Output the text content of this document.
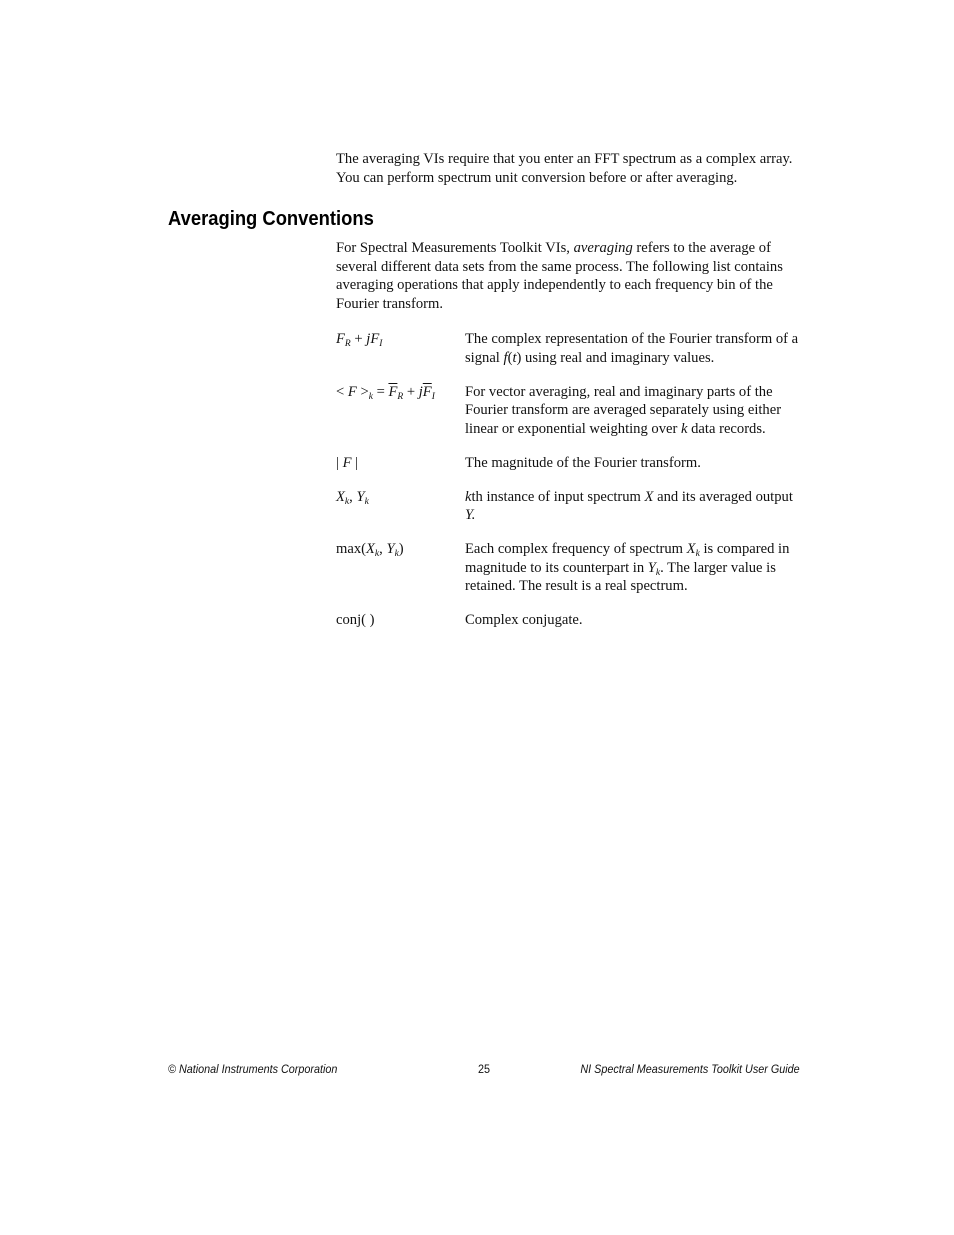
The averaging VIs require that you enter an FFT spectrum as a complex array. You can perform spectrum unit conversion before or after averaging.

Averaging Conventions

For Spectral Measurements Toolkit VIs, averaging refers to the average of several different data sets from the same process. The following list contains averaging operations that apply independently to each frequency bin of the Fourier transform.

$F_R + jF_I$	The complex representation of the Fourier transform of a signal f(t) using real and imaginary values.
< $F >_k = \overline{F}_R + j\overline{F}_I$	For vector averaging, real and imaginary parts of the Fourier transform are averaged separately using either linear or exponential weighting over k data records.
| F |	The magnitude of the Fourier transform.
$X_k$, $Y_k$	kth instance of input spectrum X and its averaged output Y.
$\max(X_k$, $Y_k$)	Each complex frequency of spectrum $X_k$ is compared in magnitude to its counterpart in $Y_k$. The larger value is retained. The result is a real spectrum.
conj( )	Complex conjugate.
© National Instruments Corporation	25	NI Spectral Measurements Toolkit User Guide
